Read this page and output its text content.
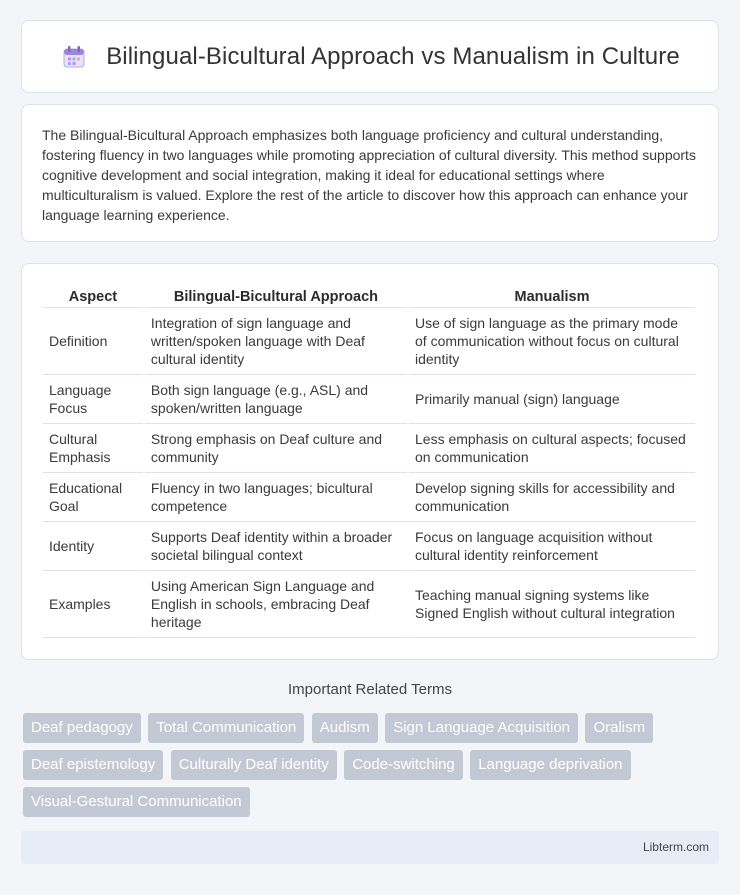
Bilingual-Bicultural Approach vs Manualism in Culture

The Bilingual-Bicultural Approach emphasizes both language proficiency and cultural understanding, fostering fluency in two languages while promoting appreciation of cultural diversity. This method supports cognitive development and social integration, making it ideal for educational settings where multiculturalism is valued. Explore the rest of the article to discover how this approach can enhance your language learning experience.

Aspect	Bilingual-Bicultural Approach	Manualism
Definition	Integration of sign language and written/spoken language with Deaf cultural identity	Use of sign language as the primary mode of communication without focus on cultural identity
Language Focus	Both sign language (e.g., ASL) and spoken/written language	Primarily manual (sign) language
Cultural Emphasis	Strong emphasis on Deaf culture and community	Less emphasis on cultural aspects; focused on communication
Educational Goal	Fluency in two languages; bicultural competence	Develop signing skills for accessibility and communication
Identity	Supports Deaf identity within a broader societal bilingual context	Focus on language acquisition without cultural identity reinforcement
Examples	Using American Sign Language and English in schools, embracing Deaf heritage	Teaching manual signing systems like Signed English without cultural integration
Important Related Terms
Deaf pedagogy Total Communication Audism Sign Language Acquisition Oralism Deaf epistemology Culturally Deaf identity Code-switching Language deprivation Visual-Gestural Communication
Libterm.com
